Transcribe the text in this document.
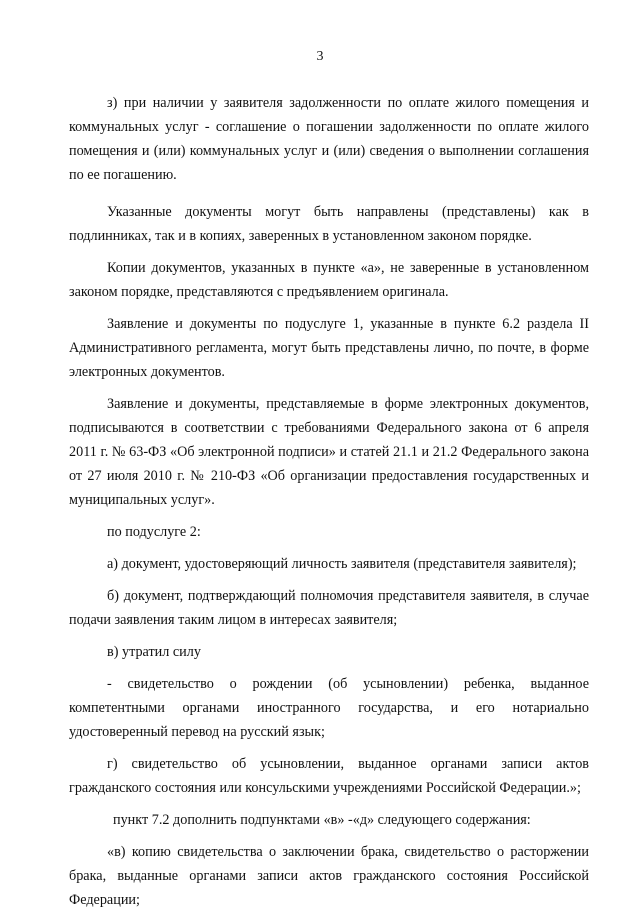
3

з) при наличии у заявителя задолженности по оплате жилого помещения и коммунальных услуг - соглашение о погашении задолженности по оплате жилого помещения и (или) коммунальных услуг и (или) сведения о выполнении соглашения по ее погашению.

Указанные документы могут быть направлены (представлены) как в подлинниках, так и в копиях, заверенных в установленном законом порядке.

Копии документов, указанных в пункте «а», не заверенные в установленном законом порядке, представляются с предъявлением оригинала.

Заявление и документы по подуслуге 1, указанные в пункте 6.2 раздела II Административного регламента, могут быть представлены лично, по почте, в форме электронных документов.

Заявление и документы, представляемые в форме электронных документов, подписываются в соответствии с требованиями Федерального закона от 6 апреля 2011 г. № 63-ФЗ «Об электронной подписи» и статей 21.1 и 21.2 Федерального закона от 27 июля 2010 г. № 210-ФЗ «Об организации предоставления государственных и муниципальных услуг».

по подуслуге 2:

а) документ, удостоверяющий личность заявителя (представителя заявителя);

б) документ, подтверждающий полномочия представителя заявителя, в случае подачи заявления таким лицом в интересах заявителя;

в) утратил силу

- свидетельство о рождении (об усыновлении) ребенка, выданное компетентными органами иностранного государства, и его нотариально удостоверенный перевод на русский язык;

г) свидетельство об усыновлении, выданное органами записи актов гражданского состояния или консульскими учреждениями Российской Федерации.»;

пункт 7.2 дополнить подпунктами «в» -«д» следующего содержания:

«в) копию свидетельства о заключении брака, свидетельство о расторжении брака, выданные органами записи актов гражданского состояния Российской Федерации;
